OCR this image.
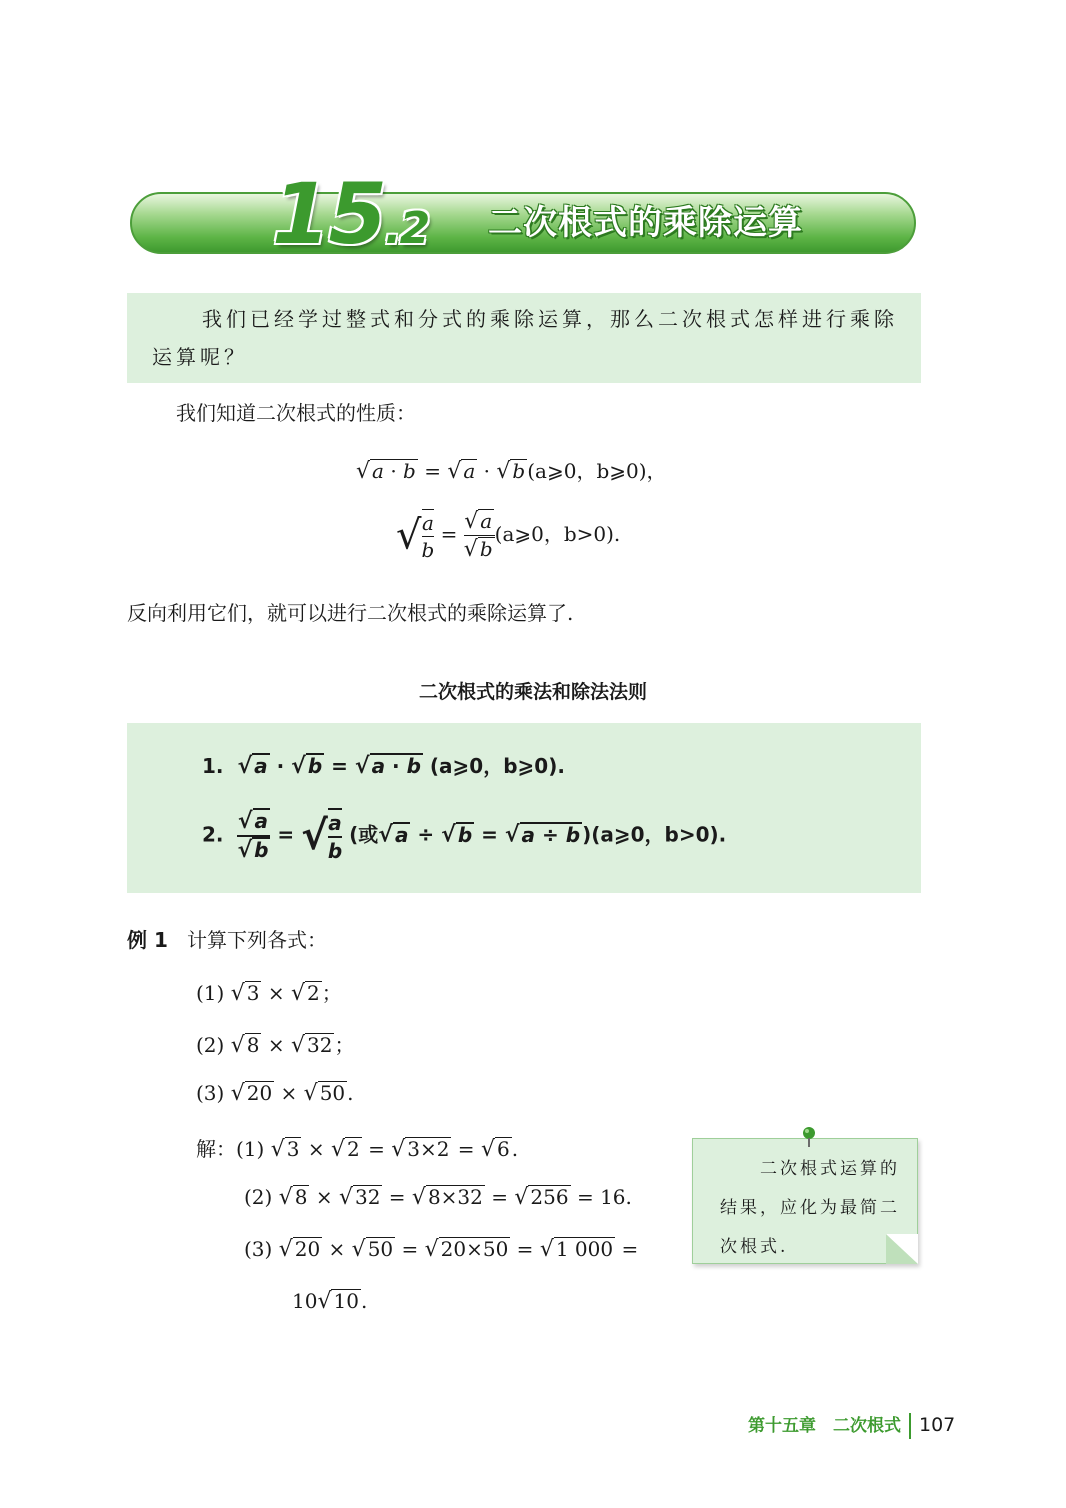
15.2	二次根式的乘除运算

我们已经学过整式和分式的乘除运算，那么二次根式怎样进行乘除运算呢？

我们知道二次根式的性质：

√ a · b = √ a · √ b (a⩾0，b⩾0)，
√ $\frac{a}{b} = \frac{√ a}{√ b}$ (a⩾0，b>0).

反向利用它们，就可以进行二次根式的乘除运算了.

二次根式的乘法和除法法则
1. √ a · √ b = √ a · b (a⩾0，b⩾0).
2. $\frac{√ a}{√ b}$ = √ $\frac{a}{b}$ (或√ a ÷ √ b = √ a ÷ b )(a⩾0，b>0).
例 1 计算下列各式：
(1) √ 3 × √ 2 ；
(2) √ 8 × √ 32 ；
(3) √ 20 × √ 50 .
解：(1) √ 3 × √ 2 = √ 3×2 = √ 6 .
(2) √ 8 × √ 32 = √ 8×32 = √ 256 = 16.
(3) √ 20 × √ 50 = √ 20×50 = √ 1 000 =
10√ 10 .

二次根式运算的结果，应化为最简二次根式.

第十五章　二次根式 107
